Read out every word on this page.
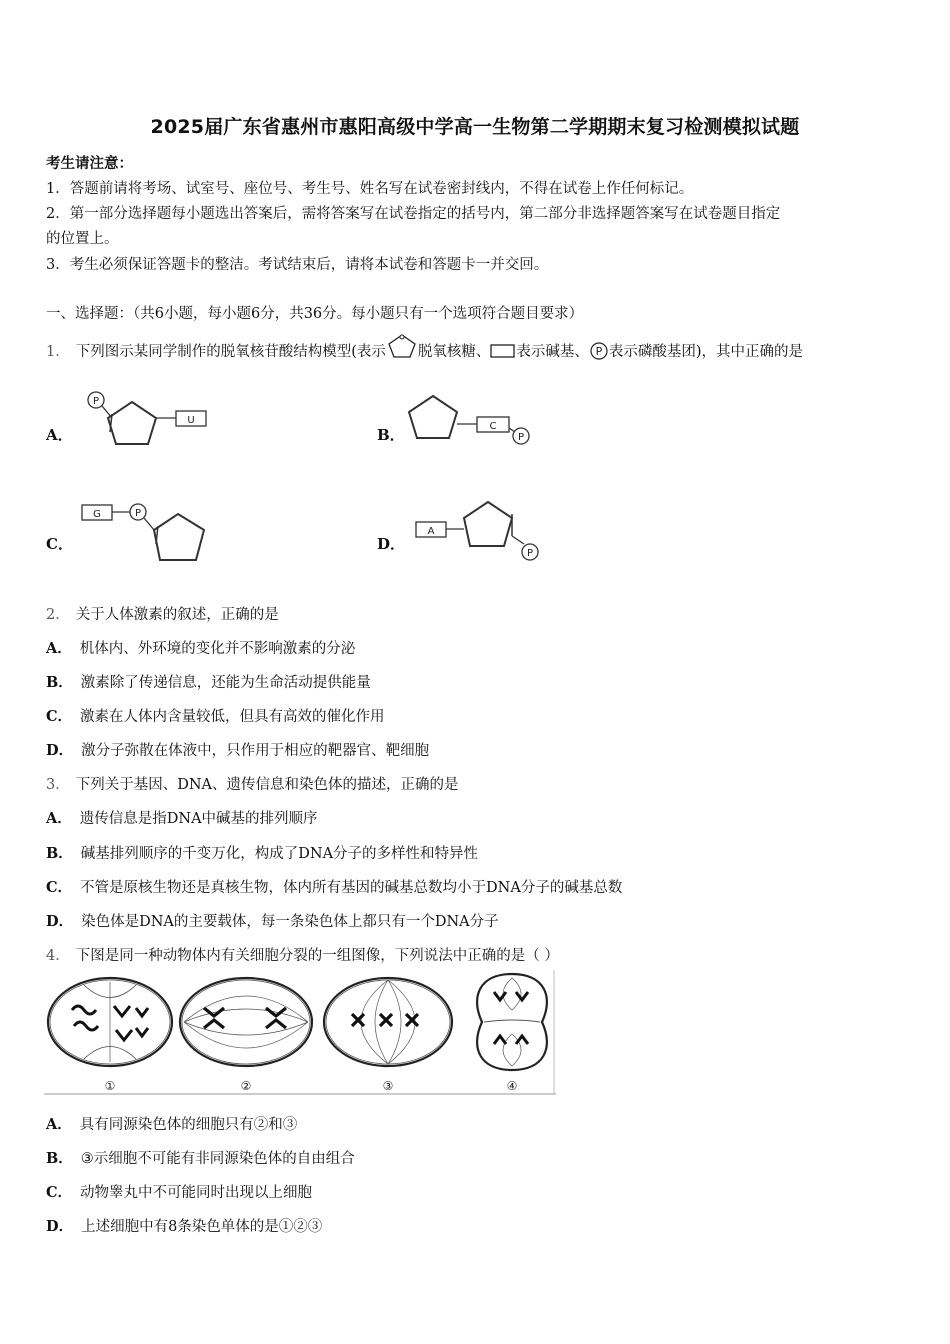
2025届广东省惠州市惠阳高级中学高一生物第二学期期末复习检测模拟试题
考生请注意：
1．答题前请将考场、试室号、座位号、考生号、姓名写在试卷密封线内，不得在试卷上作任何标记。
2．第一部分选择题每小题选出答案后，需将答案写在试卷指定的括号内，第二部分非选择题答案写在试卷题目指定
的位置上。
3．考生必须保证答题卡的整洁。考试结束后，请将本试卷和答题卡一并交回。
一、选择题：（共6小题，每小题6分，共36分。每小题只有一个选项符合题目要求）
1． 下列图示某同学制作的脱氧核苷酸结构模型(表示 脱氧核糖、 表示碱基、 P 表示磷酸基团)，其中正确的是
A．
P
U
B．	C
P
C．
G	P
D．
A
P
2． 关于人体激素的叙述，正确的是
A． 机体内、外环境的变化并不影响激素的分泌
B． 激素除了传递信息，还能为生命活动提供能量
C． 激素在人体内含量较低，但具有高效的催化作用
D． 激分子弥散在体液中，只作用于相应的靶器官、靶细胞
3． 下列关于基因、DNA、遗传信息和染色体的描述，正确的是
A． 遗传信息是指DNA中碱基的排列顺序
B． 碱基排列顺序的千变万化，构成了DNA分子的多样性和特异性
C． 不管是原核生物还是真核生物，体内所有基因的碱基总数均小于DNA分子的碱基总数
D． 染色体是DNA的主要载体，每一条染色体上都只有一个DNA分子
4． 下图是同一种动物体内有关细胞分裂的一组图像，下列说法中正确的是（ ）
①	②	③	④
A． 具有同源染色体的细胞只有②和③
B． ③示细胞不可能有非同源染色体的自由组合
C． 动物睾丸中不可能同时出现以上细胞
D． 上述细胞中有8条染色单体的是①②③
